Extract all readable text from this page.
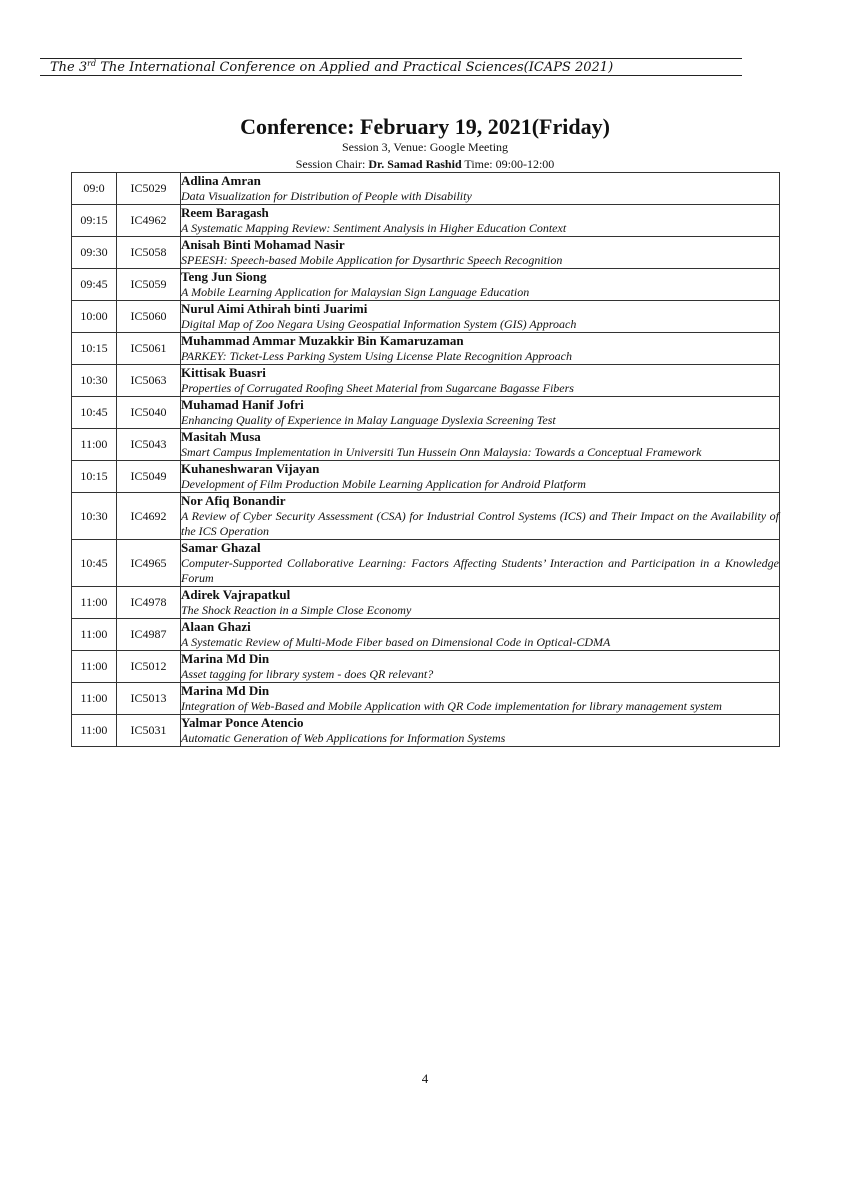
The 3rd The International Conference on Applied and Practical Sciences(ICAPS 2021)
Conference: February 19, 2021(Friday)
Session 3, Venue: Google Meeting
Session Chair: Dr. Samad Rashid Time: 09:00-12:00
09:0	IC5029	Adlina Amran
Data Visualization for Distribution of People with Disability

09:15	IC4962	Reem Baragash
A Systematic Mapping Review: Sentiment Analysis in Higher Education Context

09:30	IC5058	Anisah Binti Mohamad Nasir
SPEESH: Speech-based Mobile Application for Dysarthric Speech Recognition

09:45	IC5059	Teng Jun Siong
A Mobile Learning Application for Malaysian Sign Language Education

10:00	IC5060	Nurul Aimi Athirah binti Juarimi
Digital Map of Zoo Negara Using Geospatial Information System (GIS) Approach

10:15	IC5061	Muhammad Ammar Muzakkir Bin Kamaruzaman
PARKEY: Ticket-Less Parking System Using License Plate Recognition Approach

10:30	IC5063	Kittisak Buasri
Properties of Corrugated Roofing Sheet Material from Sugarcane Bagasse Fibers

10:45	IC5040	Muhamad Hanif Jofri
Enhancing Quality of Experience in Malay Language Dyslexia Screening Test

11:00	IC5043	Masitah Musa
Smart Campus Implementation in Universiti Tun Hussein Onn Malaysia: Towards a Conceptual Framework

10:15	IC5049	Kuhaneshwaran Vijayan
Development of Film Production Mobile Learning Application for Android Platform

10:30	IC4692	Nor Afiq Bonandir
A Review of Cyber Security Assessment (CSA) for Industrial Control Systems (ICS) and Their Impact on the Availability of the ICS Operation

10:45	IC4965	Samar Ghazal
Computer-Supported Collaborative Learning: Factors Affecting Students’ Interaction and Participation in a Knowledge Forum

11:00	IC4978	Adirek Vajrapatkul
The Shock Reaction in a Simple Close Economy

11:00	IC4987	Alaan Ghazi
A Systematic Review of Multi-Mode Fiber based on Dimensional Code in Optical-CDMA

11:00	IC5012	Marina Md Din
Asset tagging for library system - does QR relevant?

11:00	IC5013	Marina Md Din
Integration of Web-Based and Mobile Application with QR Code implementation for library management system

11:00	IC5031	Yalmar Ponce Atencio
Automatic Generation of Web Applications for Information Systems
4
